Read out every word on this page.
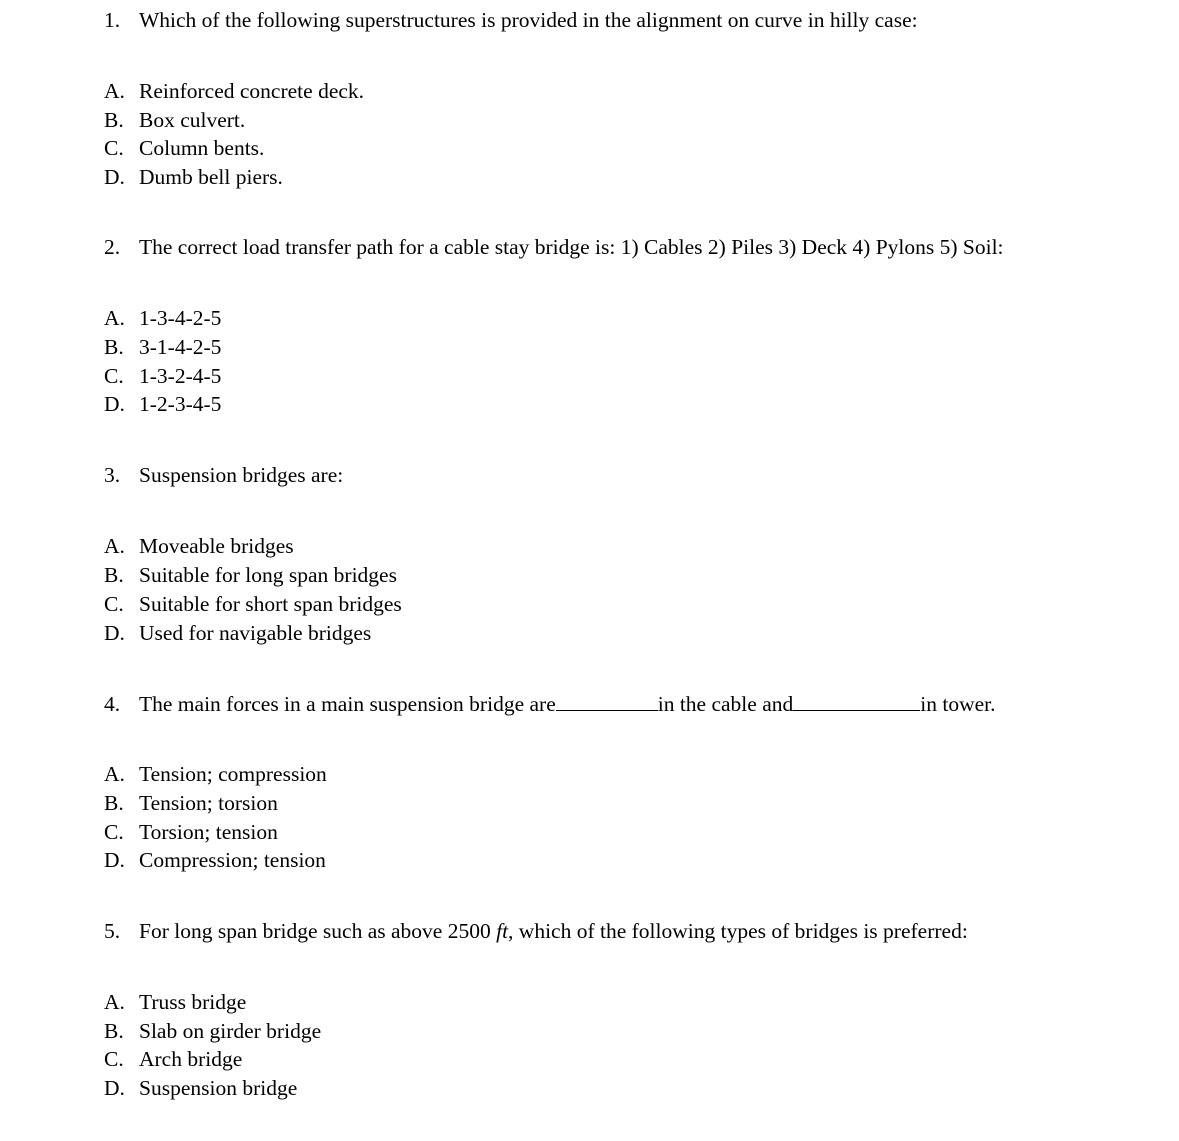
1. Which of the following superstructures is provided in the alignment on curve in hilly case:
A. Reinforced concrete deck.
B. Box culvert.
C. Column bents.
D. Dumb bell piers.
2. The correct load transfer path for a cable stay bridge is: 1) Cables 2) Piles 3) Deck 4) Pylons 5) Soil:
A. 1-3-4-2-5
B. 3-1-4-2-5
C. 1-3-2-4-5
D. 1-2-3-4-5
3. Suspension bridges are:
A. Moveable bridges
B. Suitable for long span bridges
C. Suitable for short span bridges
D. Used for navigable bridges
4. The main forces in a main suspension bridge are	in the cable and	in tower.
A. Tension; compression
B. Tension; torsion
C. Torsion; tension
D. Compression; tension
5. For long span bridge such as above 2500 ft, which of the following types of bridges is preferred:
A. Truss bridge
B. Slab on girder bridge
C. Arch bridge
D. Suspension bridge
